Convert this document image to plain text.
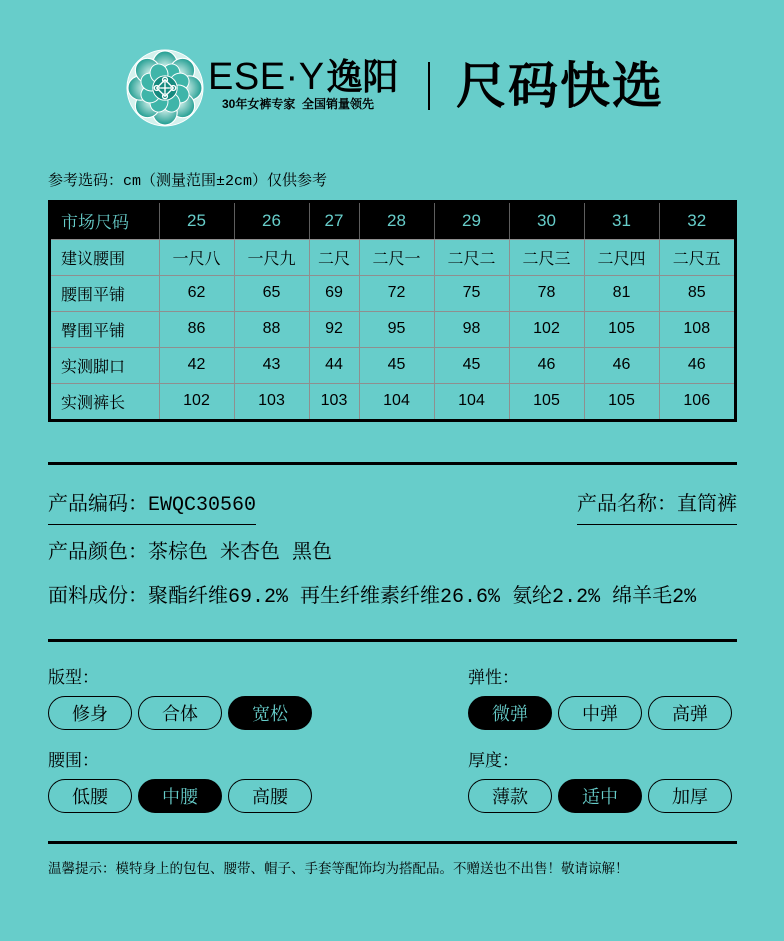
ESE·Y逸阳
30年女裤专家  全国销量领先 尺码快选
参考选码：cm（测量范围±2cm）仅供参考
市场尺码	25	26	27	28	29	30	31	32
建议腰围	一尺八	一尺九	二尺	二尺一	二尺二	二尺三	二尺四	二尺五
腰围平铺	62	65	69	72	75	78	81	85
臀围平铺	86	88	92	95	98	102	105	108
实测脚口	42	43	44	45	45	46	46	46
实测裤长	102	103	103	104	104	105	105	106
产品编码：EWQC30560	产品名称：直筒裤
产品颜色：茶棕色 米杏色 黑色
面料成份：聚酯纤维69.2% 再生纤维素纤维26.6% 氨纶2.2% 绵羊毛2%
版型：
修身	合体	宽松
弹性：
微弹	中弹	高弹
腰围：
低腰	中腰	高腰
厚度：
薄款	适中	加厚
温馨提示：模特身上的包包、腰带、帽子、手套等配饰均为搭配品。不赠送也不出售！敬请谅解！
